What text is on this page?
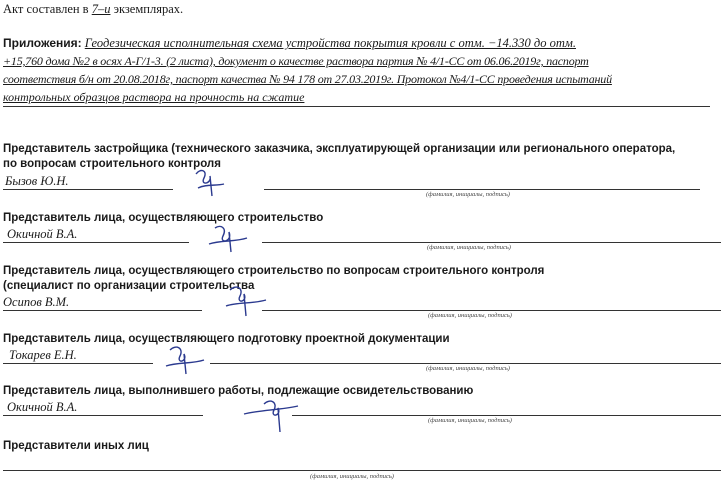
Акт составлен в 7–и экземплярах.
Приложения: Геодезическая исполнительная схема устройства покрытия кровли с отм. −14.330 до отм.
+15,760 дома №2 в осях А-Г/1-3. (2 листа), документ о качестве раствора партия № 4/1-СС от 06.06.2019г, паспорт
соответствия б/н от 20.08.2018г, паспорт качества № 94 178 от 27.03.2019г. Протокол №4/1-СС проведения испытаний
контрольных образцов раствора на прочность на сжатие
Представитель застройщика (технического заказчика, эксплуатирующей организации или регионального оператора,
по вопросам строительного контроля
Бызов Ю.Н.
(фамилия, инициалы, подпись)
Представитель лица, осуществляющего строительство
Окичной В.А.
(фамилия, инициалы, подпись)
Представитель лица, осуществляющего строительство по вопросам строительного контроля
(специалист по организации строительства
Осипов В.М.
(фамилия, инициалы, подпись)
Представитель лица, осуществляющего подготовку проектной документации
Токарев Е.Н.
(фамилия, инициалы, подпись)
Представитель лица, выполнившего работы, подлежащие освидетельствованию
Окичной В.А.
(фамилия, инициалы, подпись)
Представители иных лиц
(фамилия, инициалы, подпись)
